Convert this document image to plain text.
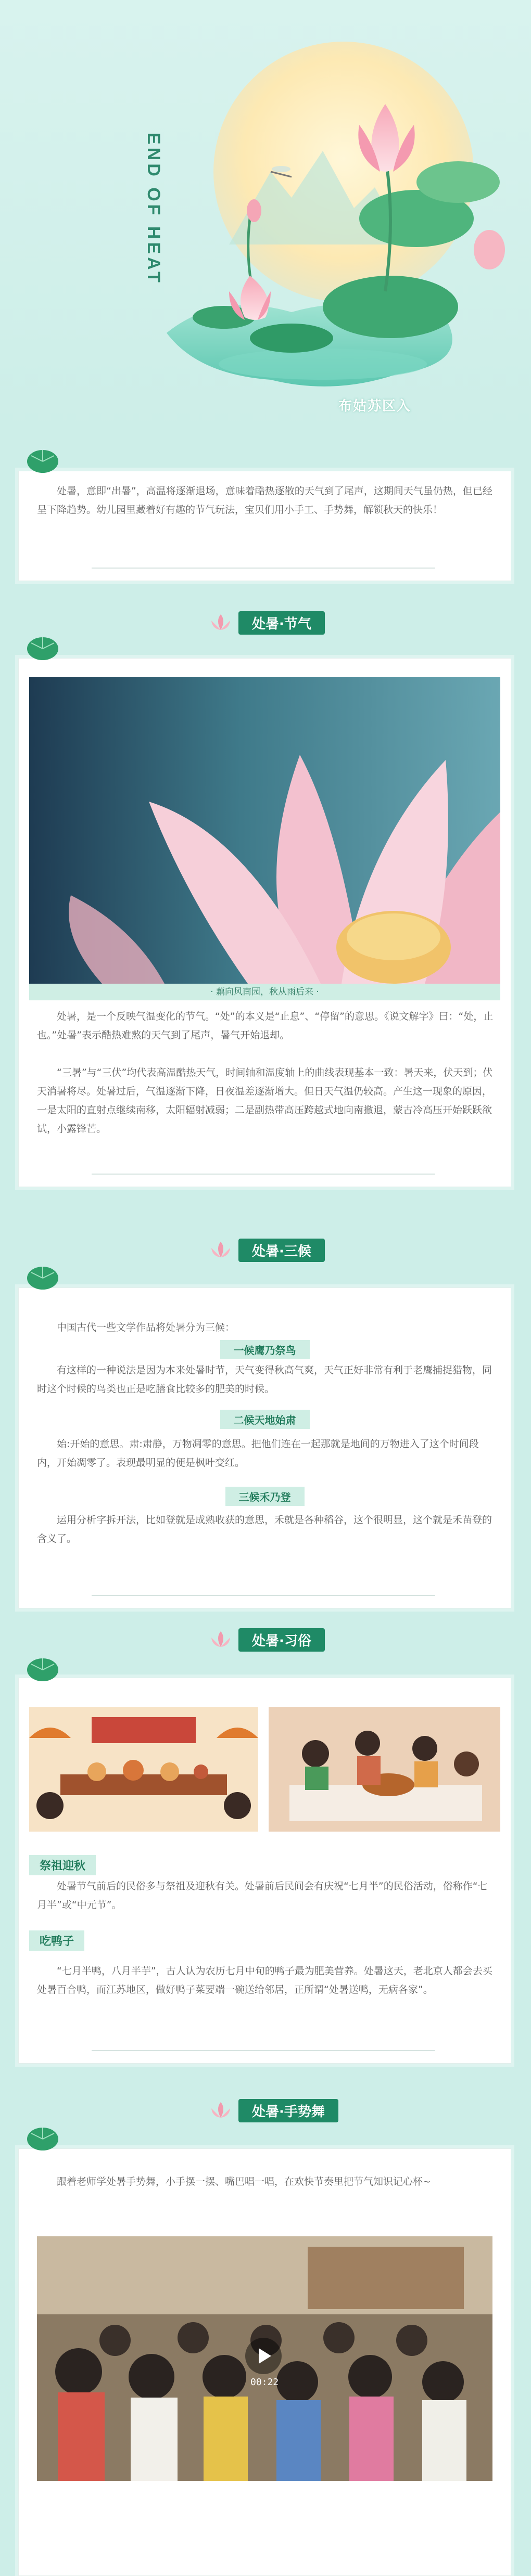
END OF HEAT
布姑苏区入

处暑，意即“出暑”，高温将逐渐退场，意味着酷热逐散的天气到了尾声，这期间天气虽仍热，但已经呈下降趋势。幼儿园里藏着好有趣的节气玩法，宝贝们用小手工、手势舞，解锁秋天的快乐！

处暑·节气
· 藕向风南园，秋从雨后来 ·

处暑，是一个反映气温变化的节气。“处”的本义是“止息”、“停留”的意思。《说文解字》曰：“处，止也。”处暑”表示酷热难熬的天气到了尾声，暑气开始退却。

“三暑”与“三伏”均代表高温酷热天气，时间轴和温度轴上的曲线表现基本一致：暑天来，伏天到；伏天消暑将尽。处暑过后，气温逐渐下降，日夜温差逐渐增大。但日天气温仍较高。产生这一现象的原因，一是太阳的直射点继续南移，太阳辐射减弱；二是副热带高压跨越式地向南撤退，蒙古冷高压开始跃跃欲试，小露锋芒。

处暑·三候

中国古代一些文学作品将处暑分为三候：

一候鹰乃祭鸟

有这样的一种说法是因为本来处暑时节，天气变得秋高气爽，天气正好非常有利于老鹰捕捉猎物，同时这个时候的鸟类也正是吃膳食比较多的肥美的时候。

二候天地始肃

始:开始的意思。肃:肃静，万物凋零的意思。把他们连在一起那就是地间的万物进入了这个时间段内，开始凋零了。表现最明显的便是枫叶变红。

三候禾乃登

运用分析字拆开法，比如登就是成熟收获的意思，禾就是各种稻谷，这个很明显，这个就是禾苗登的含义了。

处暑·习俗
祭祖迎秋

处暑节气前后的民俗多与祭祖及迎秋有关。处暑前后民间会有庆祝“七月半”的民俗活动，俗称作“七月半”或“中元节”。

吃鸭子

“七月半鸭，八月半芋”，古人认为农历七月中旬的鸭子最为肥美营养。处暑这天，老北京人都会去买处暑百合鸭，而江苏地区，做好鸭子菜要端一碗送给邻居，正所谓“处暑送鸭，无病各家”。

处暑·手势舞

跟着老师学处暑手势舞，小手摆一摆、嘴巴唱一唱，在欢快节奏里把节气知识记心杯~

00:22
